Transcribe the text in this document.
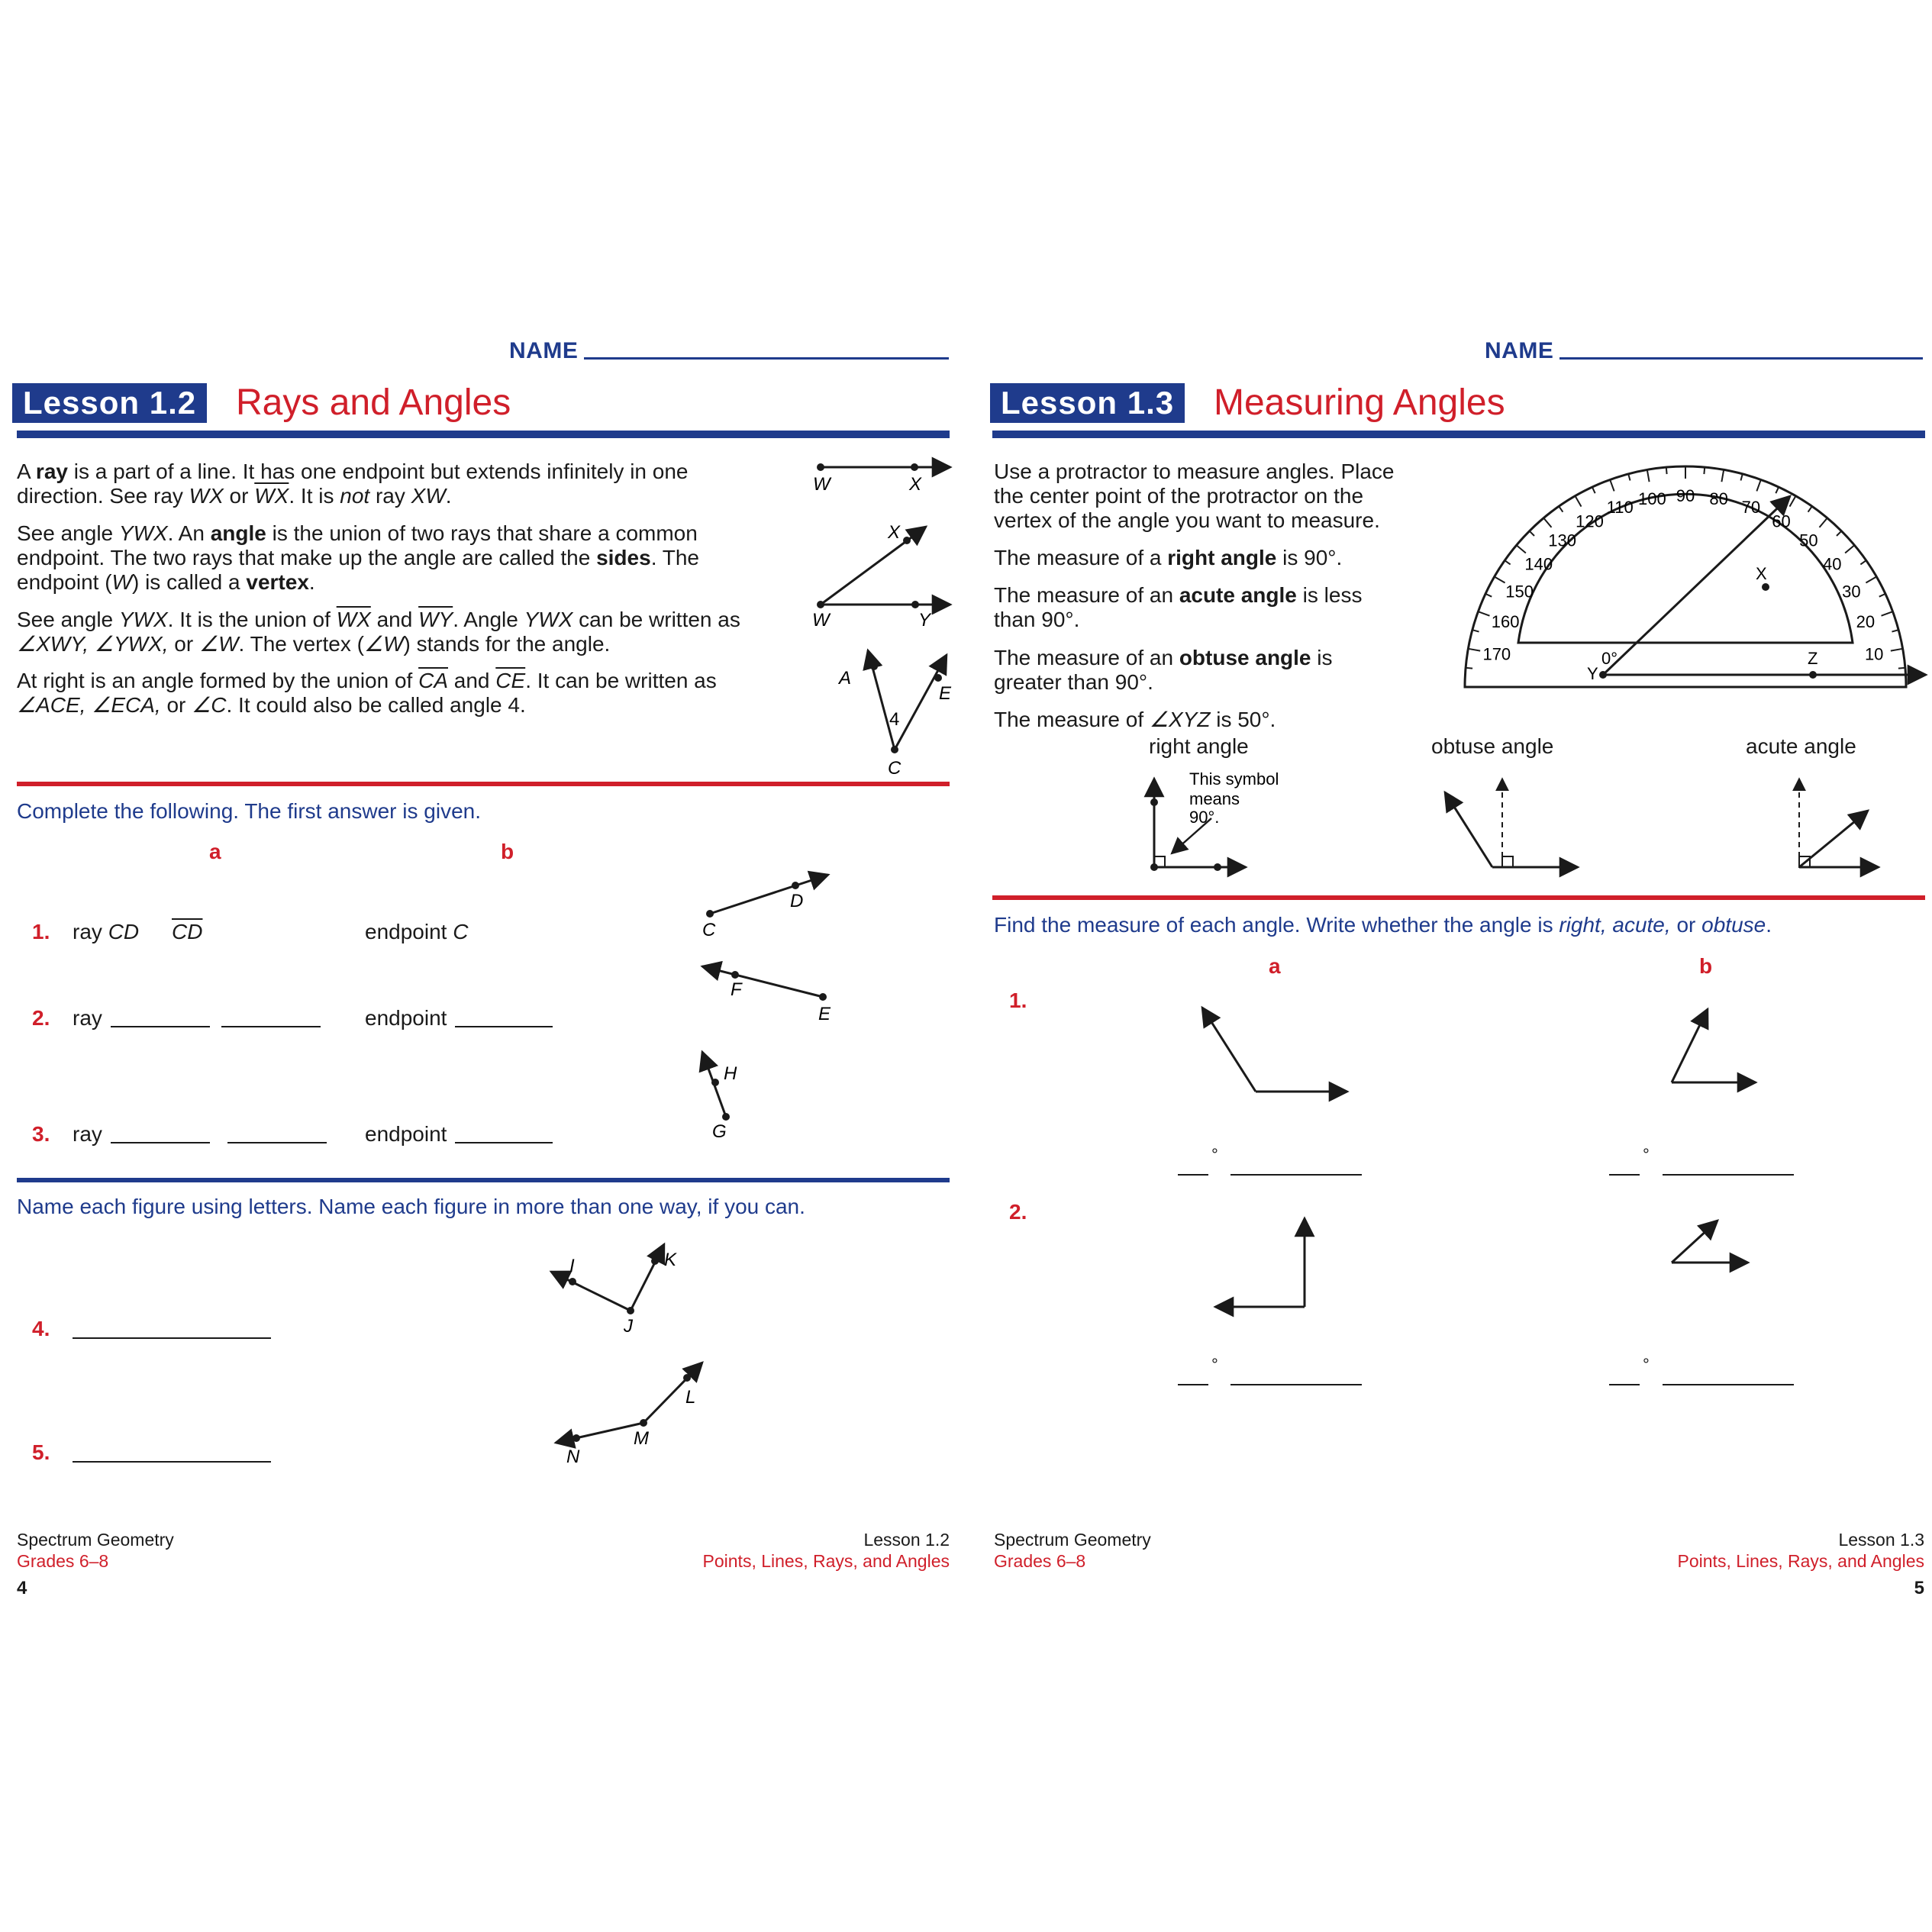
NAME
Lesson 1.2 Rays and Angles
A ray is a part of a line. It has one endpoint but extends infinitely in one direction. See ray WX or $\overline{WX}$. It is not ray XW.
See angle YWX. An angle is the union of two rays that share a common endpoint. The two rays that make up the angle are called the sides. The endpoint (W) is called a vertex.
See angle YWX. It is the union of $\overline{WX}$ and $\overline{WY}$. Angle YWX can be written as ∠XWY, ∠YWX, or ∠W. The vertex (∠W) stands for the angle.
At right is an angle formed by the union of $\overline{CA}$ and $\overline{CE}$. It can be written as ∠ACE, ∠ECA, or ∠C. It could also be called angle 4.
W	X
X
W	Y
A
E
4
C
Complete the following. The first answer is given.
a	b
1. ray CD $\overline{CD}$	endpoint C
2. ray	endpoint
3. ray	endpoint
C
D
F
E
H
G
Name each figure using letters. Name each figure in more than one way, if you can.
4.
5.
I	K
J
L
M
N
Spectrum Geometry
Grades 6–8
4
Lesson 1.2
Points, Lines, Rays, and Angles
NAME
Lesson 1.3 Measuring Angles
Use a protractor to measure angles. Place the center point of the protractor on the vertex of the angle you want to measure.
The measure of a right angle is 90°.
The measure of an acute angle is less than 90°.
The measure of an obtuse angle is greater than 90°.
The measure of ∠XYZ is 50°.
10
20
30
40
50
60
70
80
90
100
110
120
130
140
150
160
170	0°
Y
X
Z
right angle	obtuse angle	acute angle
This symbol
means
90°.
Find the measure of each angle. Write whether the angle is right, acute, or obtuse.
a	b
1.
2.
°	°
°	°
Spectrum Geometry
Grades 6–8
Lesson 1.3
Points, Lines, Rays, and Angles
5
